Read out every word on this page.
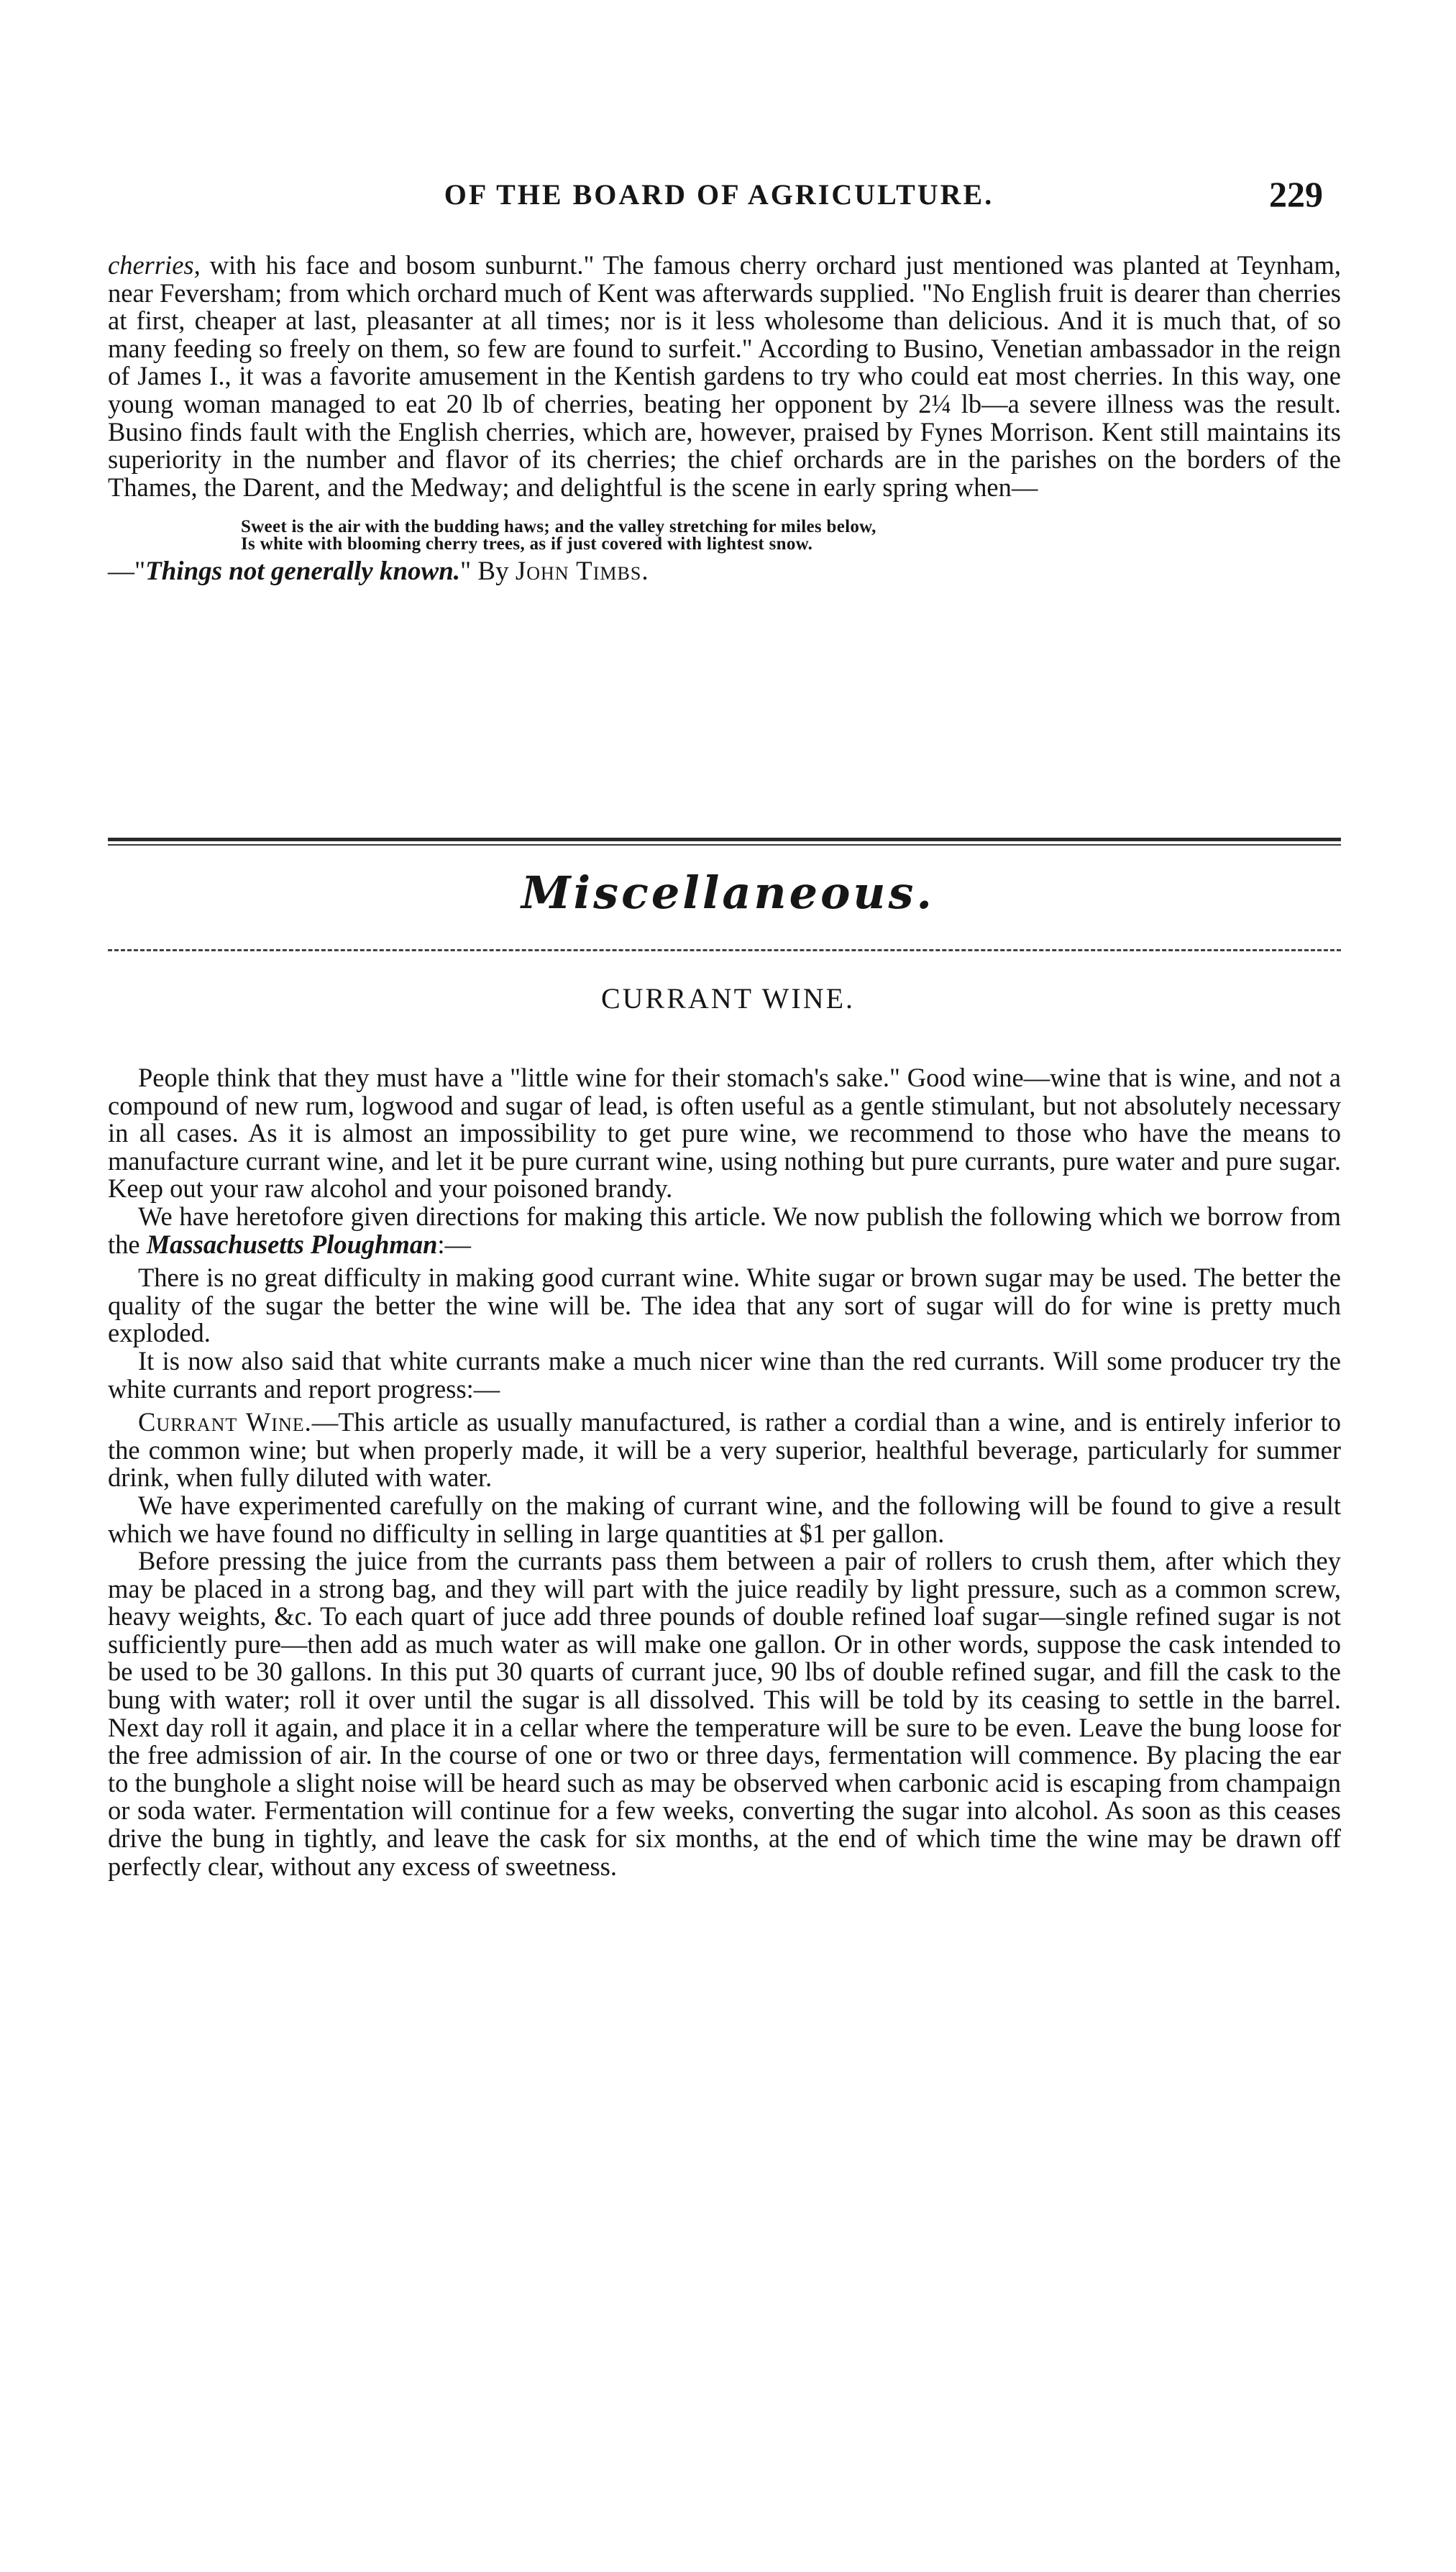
OF THE BOARD OF AGRICULTURE.	229

cherries, with his face and bosom sunburnt." The famous cherry orchard just mentioned was planted at Teynham, near Feversham; from which orchard much of Kent was afterwards supplied. "No English fruit is dearer than cherries at first, cheaper at last, pleasanter at all times; nor is it less wholesome than delicious. And it is much that, of so many feeding so freely on them, so few are found to surfeit." According to Busino, Venetian ambassador in the reign of James I., it was a favorite amusement in the Kentish gardens to try who could eat most cherries. In this way, one young woman managed to eat 20 lb of cherries, beating her opponent by 2¼ lb—a severe illness was the result. Busino finds fault with the English cherries, which are, however, praised by Fynes Morrison. Kent still maintains its superiority in the number and flavor of its cherries; the chief orchards are in the parishes on the borders of the Thames, the Darent, and the Medway; and delightful is the scene in early spring when—

Sweet is the air with the budding haws; and the valley stretching for miles below,
Is white with blooming cherry trees, as if just covered with lightest snow.

—"Things not generally known." By John Timbs.

Miscellaneous.
CURRANT WINE.

People think that they must have a "little wine for their stomach's sake." Good wine—wine that is wine, and not a compound of new rum, logwood and sugar of lead, is often useful as a gentle stimulant, but not absolutely necessary in all cases. As it is almost an impossibility to get pure wine, we recommend to those who have the means to manufacture currant wine, and let it be pure currant wine, using nothing but pure currants, pure water and pure sugar. Keep out your raw alcohol and your poisoned brandy.

We have heretofore given directions for making this article. We now publish the following which we borrow from the Massachusetts Ploughman:—

There is no great difficulty in making good currant wine. White sugar or brown sugar may be used. The better the quality of the sugar the better the wine will be. The idea that any sort of sugar will do for wine is pretty much exploded.

It is now also said that white currants make a much nicer wine than the red currants. Will some producer try the white currants and report progress:—

Currant Wine.—This article as usually manufactured, is rather a cordial than a wine, and is entirely inferior to the common wine; but when properly made, it will be a very superior, healthful beverage, particularly for summer drink, when fully diluted with water.

We have experimented carefully on the making of currant wine, and the following will be found to give a result which we have found no difficulty in selling in large quantities at $1 per gallon.

Before pressing the juice from the currants pass them between a pair of rollers to crush them, after which they may be placed in a strong bag, and they will part with the juice readily by light pressure, such as a common screw, heavy weights, &c. To each quart of juce add three pounds of double refined loaf sugar—single refined sugar is not sufficiently pure—then add as much water as will make one gallon. Or in other words, suppose the cask intended to be used to be 30 gallons. In this put 30 quarts of currant juce, 90 lbs of double refined sugar, and fill the cask to the bung with water; roll it over until the sugar is all dissolved. This will be told by its ceasing to settle in the barrel. Next day roll it again, and place it in a cellar where the temperature will be sure to be even. Leave the bung loose for the free admission of air. In the course of one or two or three days, fermentation will commence. By placing the ear to the bunghole a slight noise will be heard such as may be observed when carbonic acid is escaping from champaign or soda water. Fermentation will continue for a few weeks, converting the sugar into alcohol. As soon as this ceases drive the bung in tightly, and leave the cask for six months, at the end of which time the wine may be drawn off perfectly clear, without any excess of sweetness.
